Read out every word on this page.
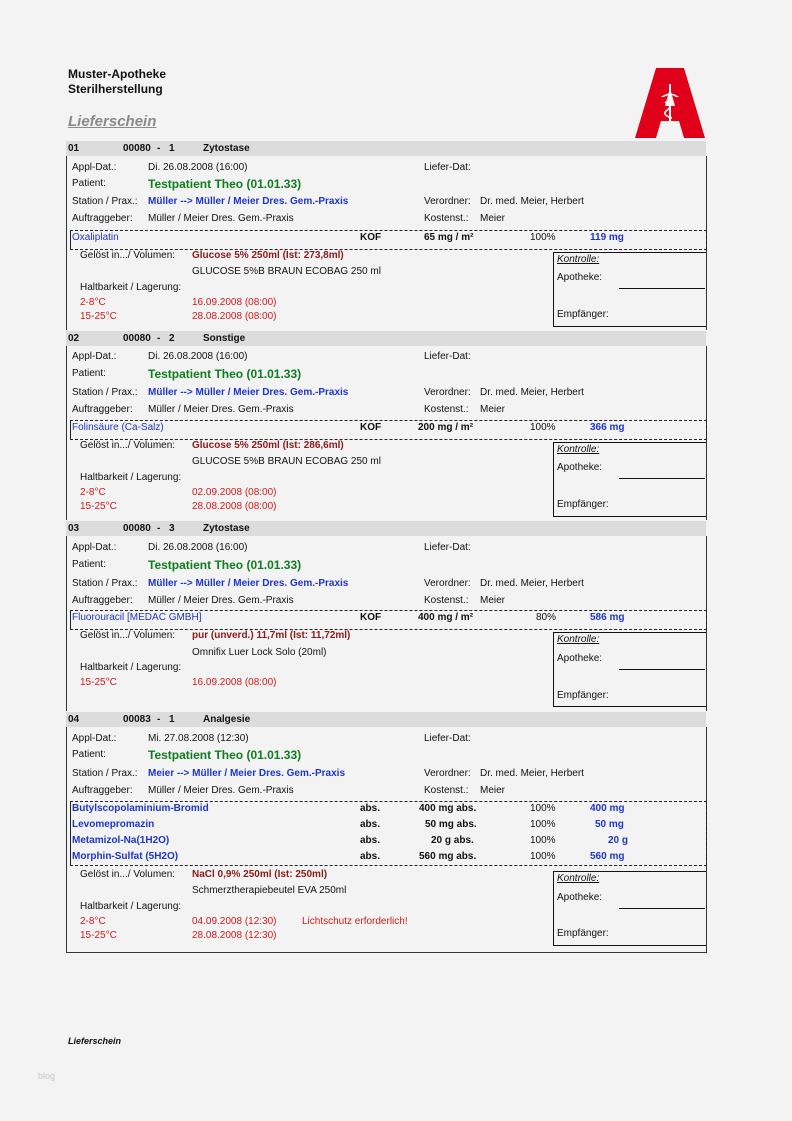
Muster-Apotheke
Sterilherstellung
Lieferschein
01	00080 - 1	Zytostase
Appl-Dat.:	Di. 26.08.2008 (16:00)	Liefer-Dat:
Patient:	Testpatient Theo (01.01.33)
Station / Prax.: Müller --> Müller / Meier Dres. Gem.-Praxis	Verordner: Dr. med. Meier, Herbert
Auftraggeber: Müller / Meier Dres. Gem.-Praxis	Kostenst.: Meier
Oxaliplatin	KOF	65 mg / m²	100%	119 mg
Gelöst in.../ Volumen: Glucose 5% 250ml (Ist: 273,8ml)
GLUCOSE 5%B BRAUN ECOBAG 250 ml
Haltbarkeit / Lagerung:
2-8°C	16.09.2008 (08:00)
15-25°C	28.08.2008 (08:00)
Kontrolle:
Apotheke:
Empfänger:
02	00080 - 2	Sonstige
Appl-Dat.:	Di. 26.08.2008 (16:00)	Liefer-Dat:
Patient:	Testpatient Theo (01.01.33)
Station / Prax.: Müller --> Müller / Meier Dres. Gem.-Praxis	Verordner: Dr. med. Meier, Herbert
Auftraggeber: Müller / Meier Dres. Gem.-Praxis	Kostenst.: Meier
Folinsäure (Ca-Salz)	KOF	200 mg / m²	100%	366 mg
Gelöst in.../ Volumen: Glucose 5% 250ml (Ist: 286,6ml)
GLUCOSE 5%B BRAUN ECOBAG 250 ml
Haltbarkeit / Lagerung:
2-8°C	02.09.2008 (08:00)
15-25°C	28.08.2008 (08:00)
Kontrolle:
Apotheke:
Empfänger:
03	00080 - 3	Zytostase
Appl-Dat.:	Di. 26.08.2008 (16:00)	Liefer-Dat:
Patient:	Testpatient Theo (01.01.33)
Station / Prax.: Müller --> Müller / Meier Dres. Gem.-Praxis	Verordner: Dr. med. Meier, Herbert
Auftraggeber: Müller / Meier Dres. Gem.-Praxis	Kostenst.: Meier
Fluorouracil [MEDAC GMBH]	KOF	400 mg / m²	80%	586 mg
Gelöst in.../ Volumen: pur (unverd.) 11,7ml (Ist: 11,72ml)
Omnifix Luer Lock Solo (20ml)
Haltbarkeit / Lagerung:
15-25°C	16.09.2008 (08:00)
Kontrolle:
Apotheke:
Empfänger:
04	00083 - 1	Analgesie
Appl-Dat.:	Mi. 27.08.2008 (12:30)	Liefer-Dat:
Patient:	Testpatient Theo (01.01.33)
Station / Prax.: Meier --> Müller / Meier Dres. Gem.-Praxis	Verordner: Dr. med. Meier, Herbert
Auftraggeber: Müller / Meier Dres. Gem.-Praxis	Kostenst.: Meier
Butylscopolaminium-Bromid	abs.	400 mg abs.	100%	400 mg
Levomepromazin	abs.	50 mg abs.	100%	50 mg
Metamizol-Na(1H2O)	abs.	20 g abs.	100%	20 g
Morphin-Sulfat (5H2O)	abs.	560 mg abs.	100%	560 mg
Gelöst in.../ Volumen: NaCl 0,9% 250ml (Ist: 250ml)
Schmerztherapiebeutel EVA 250ml
Haltbarkeit / Lagerung:
2-8°C	04.09.2008 (12:30)	Lichtschutz erforderlich!
15-25°C	28.08.2008 (12:30)
Kontrolle:
Apotheke:
Empfänger:
Lieferschein
blog
